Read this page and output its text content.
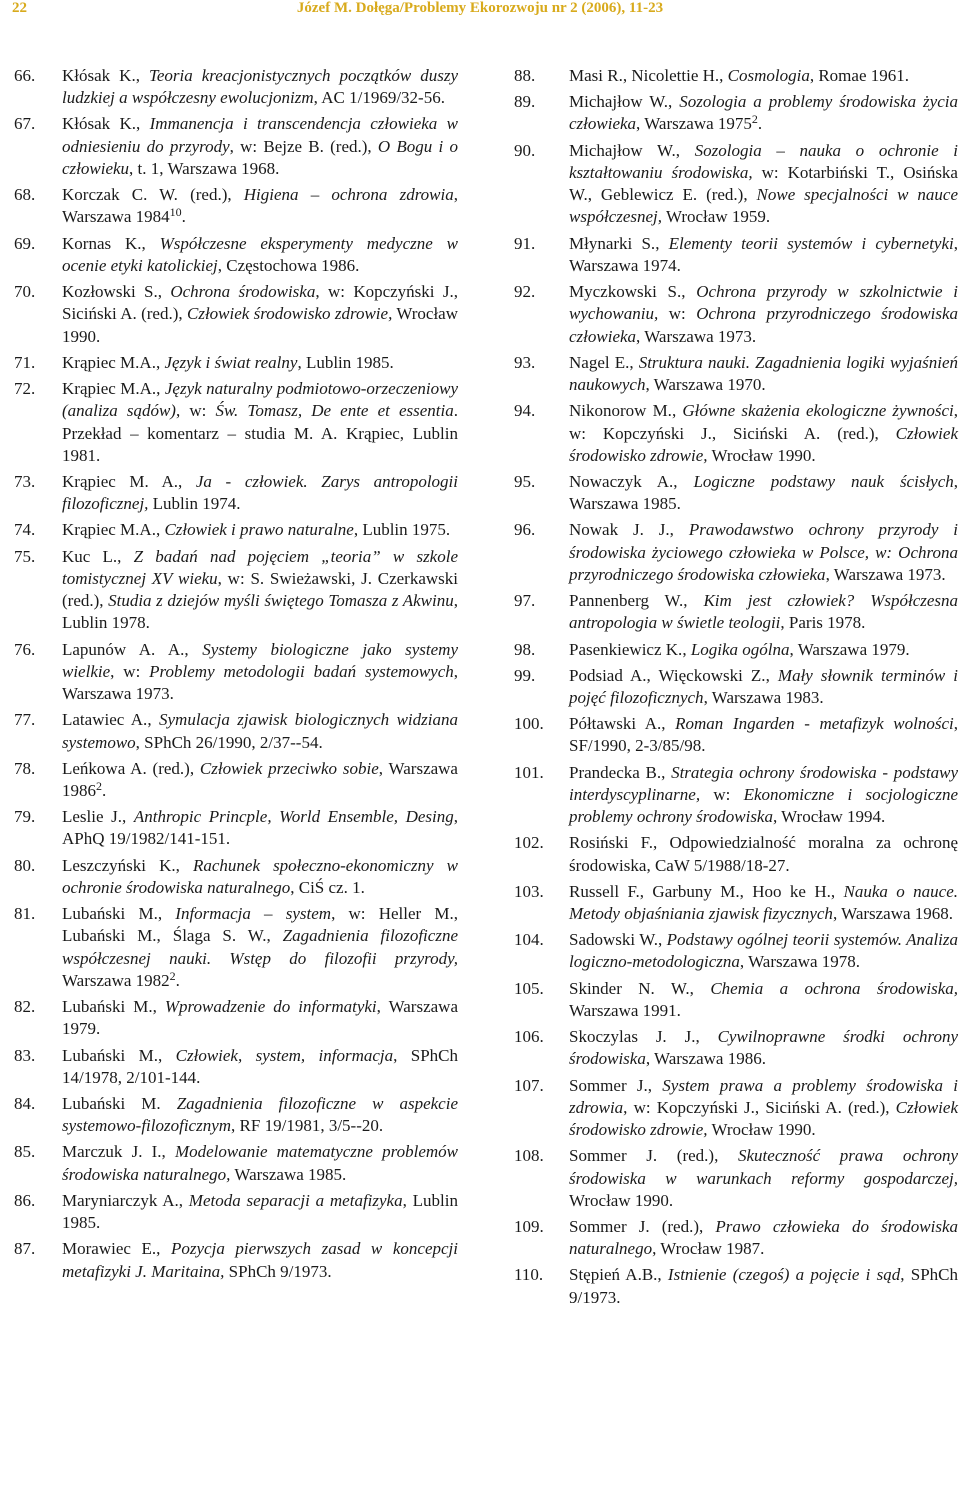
22	Józef M. Dołęga/Problemy Ekorozwoju nr 2 (2006), 11-23
66.	Kłósak K., Teoria kreacjonistycznych początków duszy ludzkiej a współczesny ewolucjonizm, AC 1/1969/32-56.
67.	Kłósak K., Immanencja i transcendencja człowieka w odniesieniu do przyrody, w: Bejze B. (red.), O Bogu i o człowieku, t. 1, Warszawa 1968.
68.	Korczak C. W. (red.), Higiena – ochrona zdrowia, Warszawa 1984$^{10}$.
69.	Kornas K., Współczesne eksperymenty medyczne w ocenie etyki katolickiej, Częstochowa 1986.
70.	Kozłowski S., Ochrona środowiska, w: Kopczyński J., Siciński A. (red.), Człowiek środowisko zdrowie, Wrocław 1990.
71.	Krąpiec M.A., Język i świat realny, Lublin 1985.
72.	Krąpiec M.A., Język naturalny podmiotowo-orzeczeniowy (analiza sądów), w: Św. Tomasz, De ente et essentia. Przekład – komentarz – studia M. A. Krąpiec, Lublin 1981.
73.	Krąpiec M. A., Ja - człowiek. Zarys antropologii filozoficznej, Lublin 1974.
74.	Krąpiec M.A., Człowiek i prawo naturalne, Lublin 1975.
75.	Kuc L., Z badań nad pojęciem „teoria” w szkole tomistycznej XV wieku, w: S. Swieżawski, J. Czerkawski (red.), Studia z dziejów myśli świętego Tomasza z Akwinu, Lublin 1978.
76.	Lapunów A. A., Systemy biologiczne jako systemy wielkie, w: Problemy metodologii badań systemowych, Warszawa 1973.
77.	Latawiec A., Symulacja zjawisk biologicznych widziana systemowo, SPhCh 26/1990, 2/37--54.
78.	Leńkowa A. (red.), Człowiek przeciwko sobie, Warszawa 1986$^2$.
79.	Leslie J., Anthropic Princple, World Ensemble, Desing, APhQ 19/1982/141-151.
80.	Leszczyński K., Rachunek społeczno-ekonomiczny w ochronie środowiska naturalnego, CiŚ cz. 1.
81.	Lubański M., Informacja – system, w: Heller M., Lubański M., Ślaga S. W., Zagadnienia filozoficzne współczesnej nauki. Wstęp do filozofii przyrody, Warszawa 1982$^2$.
82.	Lubański M., Wprowadzenie do informatyki, Warszawa 1979.
83.	Lubański M., Człowiek, system, informacja, SPhCh 14/1978, 2/101-144.
84.	Lubański M. Zagadnienia filozoficzne w aspekcie systemowo-filozoficznym, RF 19/1981, 3/5--20.
85.	Marczuk J. I., Modelowanie matematyczne problemów środowiska naturalnego, Warszawa 1985.
86.	Maryniarczyk A., Metoda separacji a metafizyka, Lublin 1985.
87.	Morawiec E., Pozycja pierwszych zasad w koncepcji metafizyki J. Maritaina, SPhCh 9/1973.
88.	Masi R., Nicolettie H., Cosmologia, Romae 1961.
89.	Michajłow W., Sozologia a problemy środowiska życia człowieka, Warszawa 1975$^2$.
90.	Michajłow W., Sozologia – nauka o ochronie i kształtowaniu środowiska, w: Kotarbiński T., Osińska W., Geblewicz E. (red.), Nowe specjalności w nauce współczesnej, Wrocław 1959.
91.	Młynarki S., Elementy teorii systemów i cybernetyki, Warszawa 1974.
92.	Myczkowski S., Ochrona przyrody w szkolnictwie i wychowaniu, w: Ochrona przyrodniczego środowiska człowieka, Warszawa 1973.
93.	Nagel E., Struktura nauki. Zagadnienia logiki wyjaśnień naukowych, Warszawa 1970.
94.	Nikonorow M., Główne skażenia ekologiczne żywności, w: Kopczyński J., Siciński A. (red.), Człowiek środowisko zdrowie, Wrocław 1990.
95.	Nowaczyk A., Logiczne podstawy nauk ścisłych, Warszawa 1985.
96.	Nowak J. J., Prawodawstwo ochrony przyrody i środowiska życiowego człowieka w Polsce, w: Ochrona przyrodniczego środowiska człowieka, Warszawa 1973.
97.	Pannenberg W., Kim jest człowiek? Współczesna antropologia w świetle teologii, Paris 1978.
98.	Pasenkiewicz K., Logika ogólna, Warszawa 1979.
99.	Podsiad A., Więckowski Z., Mały słownik terminów i pojęć filozoficznych, Warszawa 1983.
100.	Półtawski A., Roman Ingarden - metafizyk wolności, SF/1990, 2-3/85/98.
101.	Prandecka B., Strategia ochrony środowiska - podstawy interdyscyplinarne, w: Ekonomiczne i socjologiczne problemy ochrony środowiska, Wrocław 1994.
102.	Rosiński F., Odpowiedzialność moralna za ochronę środowiska, CaW 5/1988/18-27.
103.	Russell F., Garbuny M., Hoo ke H., Nauka o nauce. Metody objaśniania zjawisk fizycznych, Warszawa 1968.
104.	Sadowski W., Podstawy ogólnej teorii systemów. Analiza logiczno-metodologiczna, Warszawa 1978.
105.	Skinder N. W., Chemia a ochrona środowiska, Warszawa 1991.
106.	Skoczylas J. J., Cywilnoprawne środki ochrony środowiska, Warszawa 1986.
107.	Sommer J., System prawa a problemy środowiska i zdrowia, w: Kopczyński J., Siciński A. (red.), Człowiek środowisko zdrowie, Wrocław 1990.
108.	Sommer J. (red.), Skuteczność prawa ochrony środowiska w warunkach reformy gospodarczej, Wrocław 1990.
109.	Sommer J. (red.), Prawo człowieka do środowiska naturalnego, Wrocław 1987.
110.	Stępień A.B., Istnienie (czegoś) a pojęcie i sąd, SPhCh 9/1973.
